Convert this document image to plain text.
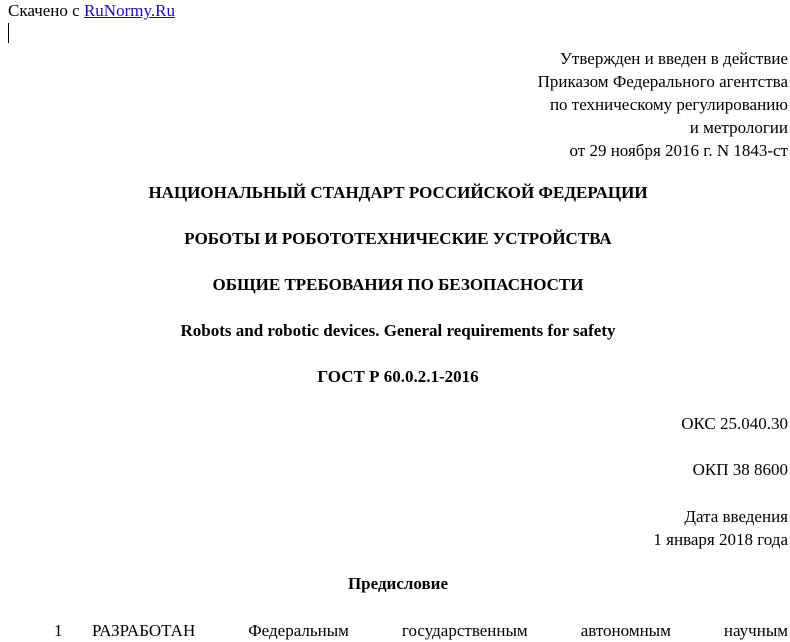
Скачено с RuNormy.Ru
Утвержден и введен в действие
Приказом Федерального агентства
по техническому регулированию
и метрологии
от 29 ноября 2016 г. N 1843-ст
НАЦИОНАЛЬНЫЙ СТАНДАРТ РОССИЙСКОЙ ФЕДЕРАЦИИ
РОБОТЫ И РОБОТОТЕХНИЧЕСКИЕ УСТРОЙСТВА
ОБЩИЕ ТРЕБОВАНИЯ ПО БЕЗОПАСНОСТИ
Robots and robotic devices. General requirements for safety
ГОСТ Р 60.0.2.1-2016
ОКС 25.040.30
ОКП 38 8600
Дата введения
1 января 2018 года
Предисловие
1 РАЗРАБОТАН Федеральным государственным автономным научным
